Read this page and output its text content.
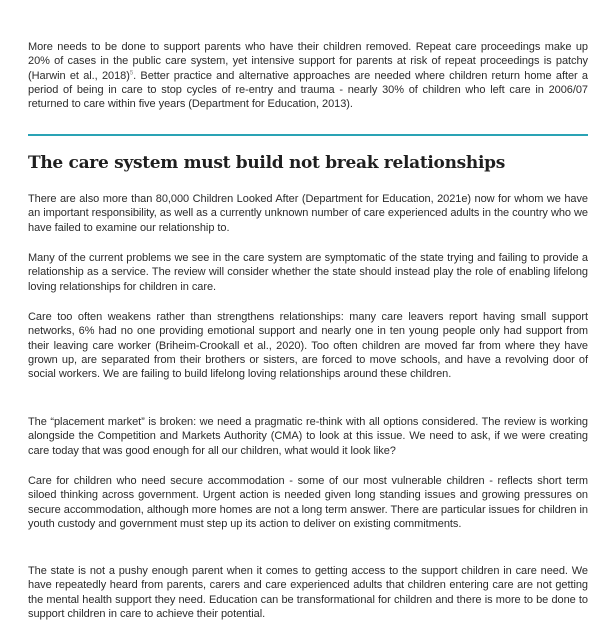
More needs to be done to support parents who have their children removed. Repeat care proceedings make up 20% of cases in the public care system, yet intensive support for parents at risk of repeat proceedings is patchy (Harwin et al., 2018)$^5$. Better practice and alternative approaches are needed where children return home after a period of being in care to stop cycles of re-entry and trauma - nearly 30% of children who left care in 2006/07 returned to care within five years (Department for Education, 2013).

The care system must build not break relationships

There are also more than 80,000 Children Looked After (Department for Education, 2021e) now for whom we have an important responsibility, as well as a currently unknown number of care experienced adults in the country who we have failed to examine our relationship to.

Many of the current problems we see in the care system are symptomatic of the state trying and failing to provide a relationship as a service. The review will consider whether the state should instead play the role of enabling lifelong loving relationships for children in care.

Care too often weakens rather than strengthens relationships: many care leavers report having small support networks, 6% had no one providing emotional support and nearly one in ten young people only had support from their leaving care worker (Briheim-Crookall et al., 2020). Too often children are moved far from where they have grown up, are separated from their brothers or sisters, are forced to move schools, and have a revolving door of social workers. We are failing to build lifelong loving relationships around these children.

The “placement market” is broken: we need a pragmatic re-think with all options considered. The review is working alongside the Competition and Markets Authority (CMA) to look at this issue. We need to ask, if we were creating care today that was good enough for all our children, what would it look like?

Care for children who need secure accommodation - some of our most vulnerable children - reflects short term siloed thinking across government. Urgent action is needed given long standing issues and growing pressures on secure accommodation, although more homes are not a long term answer. There are particular issues for children in youth custody and government must step up its action to deliver on existing commitments.

The state is not a pushy enough parent when it comes to getting access to the support children in care need. We have repeatedly heard from parents, carers and care experienced adults that children entering care are not getting the mental health support they need. Education can be transformational for children and there is more to be done to support children in care to achieve their potential.
